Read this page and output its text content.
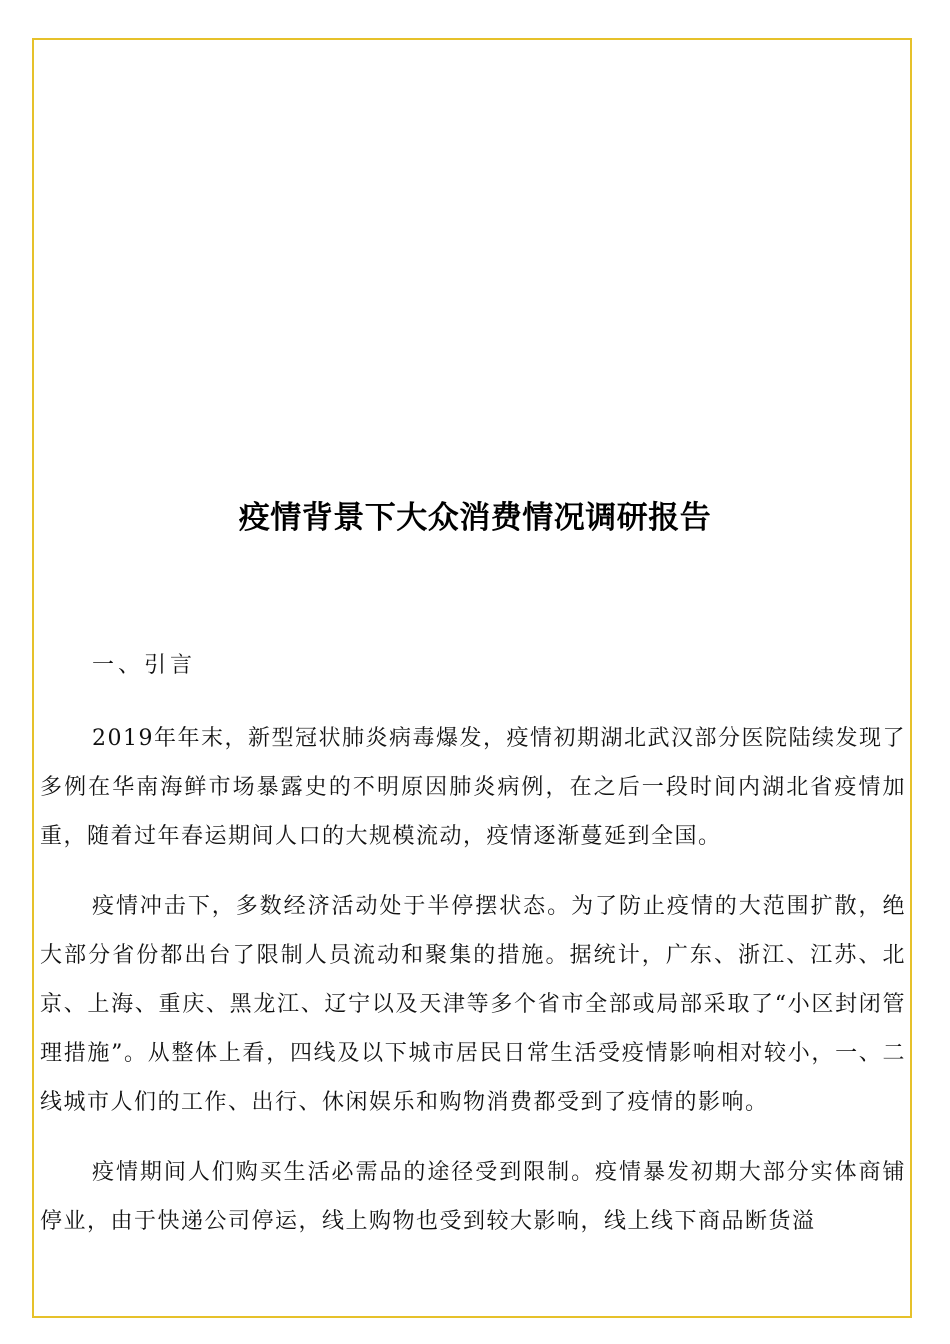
疫情背景下大众消费情况调研报告
一、引言

2019年年末，新型冠状肺炎病毒爆发，疫情初期湖北武汉部分医院陆续发现了多例在华南海鲜市场暴露史的不明原因肺炎病例，在之后一段时间内湖北省疫情加重，随着过年春运期间人口的大规模流动，疫情逐渐蔓延到全国。

疫情冲击下，多数经济活动处于半停摆状态。为了防止疫情的大范围扩散，绝大部分省份都出台了限制人员流动和聚集的措施。据统计，广东、浙江、江苏、北京、上海、重庆、黑龙江、辽宁以及天津等多个省市全部或局部采取了“小区封闭管理措施”。从整体上看，四线及以下城市居民日常生活受疫情影响相对较小，一、二线城市人们的工作、出行、休闲娱乐和购物消费都受到了疫情的影响。

疫情期间人们购买生活必需品的途径受到限制。疫情暴发初期大部分实体商铺停业，由于快递公司停运，线上购物也受到较大影响，线上线下商品断货溢
